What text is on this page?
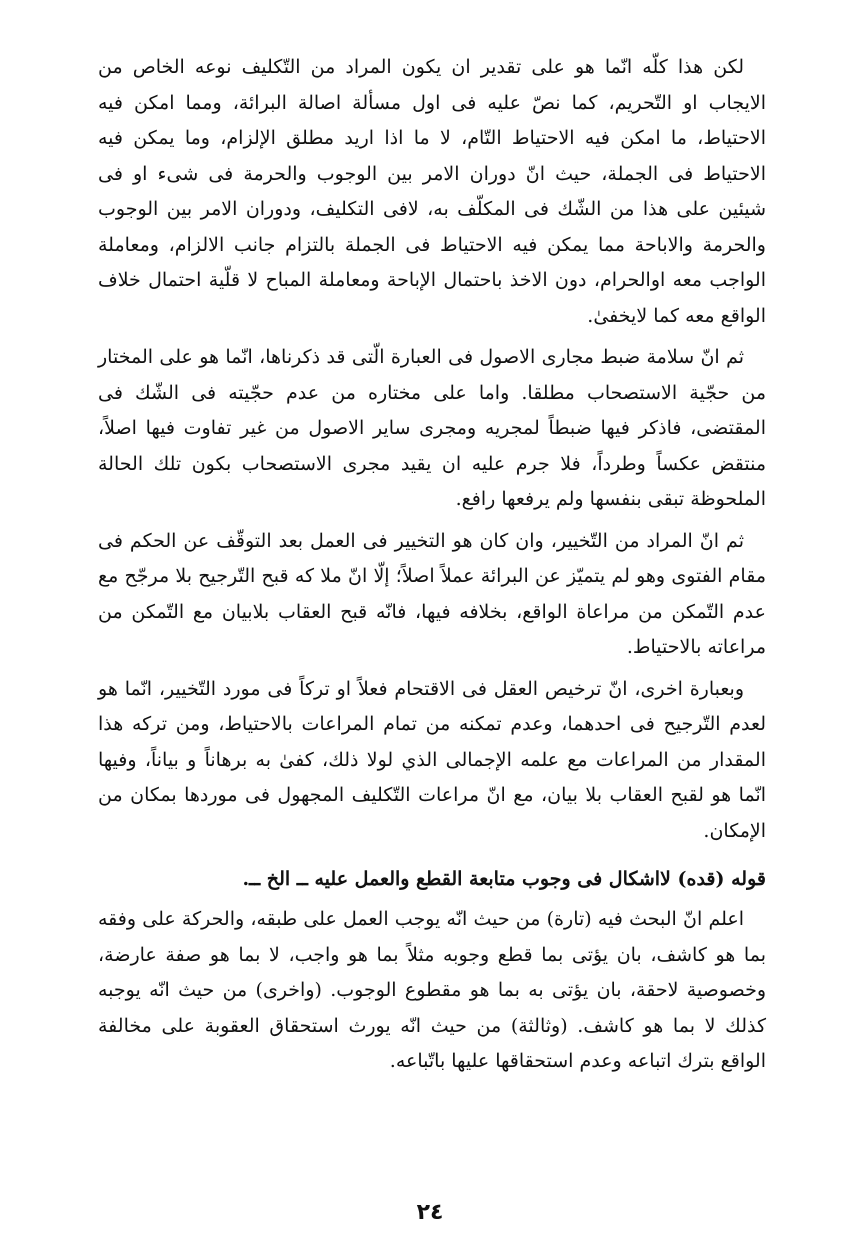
لكن هذا كلّه انّما هو على تقدير ان يكون المراد من التّكليف نوعه الخاص من الايجاب او التّحريم، كما نصّ عليه فى اول مسألة اصالة البرائة، ومما امكن فيه الاحتياط، ما امكن فيه الاحتياط التّام، لا ما اذا اريد مطلق الإلزام، وما يمكن فيه الاحتياط فى الجملة، حيث انّ دوران الامر بين الوجوب والحرمة فى شىء او فى شيئين على هذا من الشّك فى المكلّف به، لافى التكليف، ودوران الامر بين الوجوب والحرمة والاباحة مما يمكن فيه الاحتياط فى الجملة بالتزام جانب الالزام، ومعاملة الواجب معه اوالحرام، دون الاخذ باحتمال الإباحة ومعاملة المباح لا قلّية احتمال خلاف الواقع معه كما لايخفىٰ.

ثم انّ سلامة ضبط مجارى الاصول فى العبارة الّتى قد ذكرناها، انّما هو على المختار من حجّية الاستصحاب مطلقا. واما على مختاره من عدم حجّيته فى الشّك فى المقتضى، فاذكر فيها ضبطاً لمجريه ومجرى ساير الاصول من غير تفاوت فيها اصلاً، منتقض عكساً وطرداً، فلا جرم عليه ان يقيد مجرى الاستصحاب بكون تلك الحالة الملحوظة تبقى بنفسها ولم يرفعها رافع.

ثم انّ المراد من التّخيير، وان كان هو التخيير فى العمل بعد التوقّف عن الحكم فى مقام الفتوى وهو لم يتميّز عن البرائة عملاً اصلاً؛ إلّا انّ ملا كه قبح التّرجيح بلا مرجّح مع عدم التّمكن من مراعاة الواقع، بخلافه فيها، فانّه قبح العقاب بلابيان مع التّمكن من مراعاته بالاحتياط.

وبعبارة اخرى، انّ ترخيص العقل فى الاقتحام فعلاً او تركاً فى مورد التّخيير، انّما هو لعدم التّرجيح فى احدهما، وعدم تمكنه من تمام المراعات بالاحتياط، ومن تركه هذا المقدار من المراعات مع علمه الإجمالى الذي لولا ذلك، كفىٰ به برهاناً و بياناً، وفيها انّما هو لقبح العقاب بلا بيان، مع انّ مراعات التّكليف المجهول فى موردها بمكان من الإمكان.

قوله (قده) لااشكال فى وجوب متابعة القطع والعمل عليه ــ الخ ــ.

اعلم انّ البحث فيه (تارة) من حيث انّه يوجب العمل على طبقه، والحركة على وفقه بما هو كاشف، بان يؤتى بما قطع وجوبه مثلاً بما هو واجب، لا بما هو صفة عارضة، وخصوصية لاحقة، بان يؤتى به بما هو مقطوع الوجوب. (واخرى) من حيث انّه يوجبه كذلك لا بما هو كاشف. (وثالثة) من حيث انّه يورث استحقاق العقوبة على مخالفة الواقع بترك اتباعه وعدم استحقاقها عليها باتّباعه.

٢٤
